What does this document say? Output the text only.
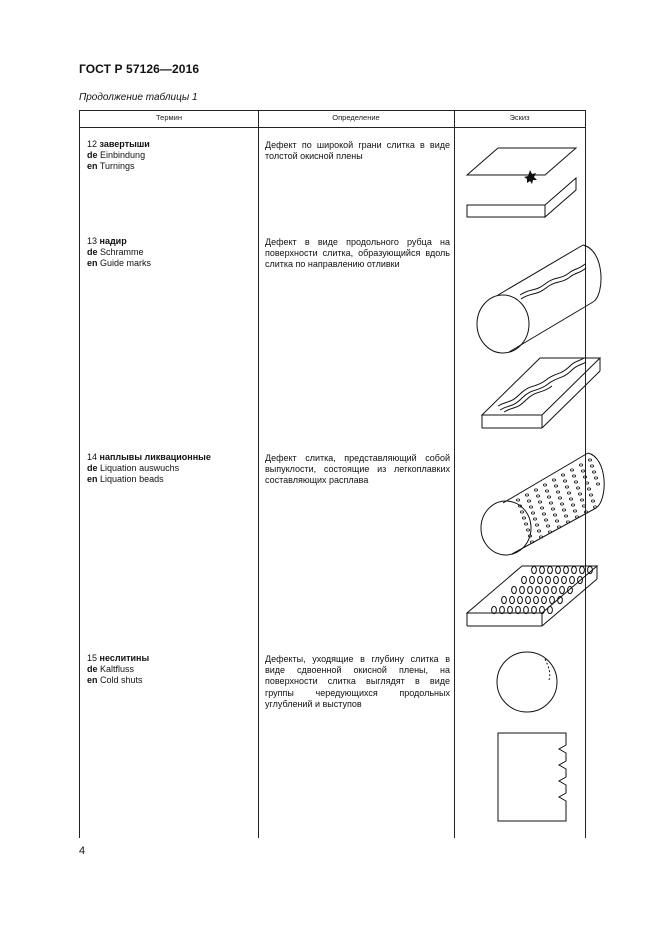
ГОСТ Р 57126—2016
Продолжение таблицы 1
Термин	Определение	Эскиз
12 завертыши
de Einbindung
en Turnings
Дефект по широкой грани слитка в виде толстой окисной плены
13 надир
de Schramme
en Guide marks
Дефект в виде продольного рубца на поверхности слитка, образующийся вдоль слитка по направлению отливки
14 наплывы ликвационные
de Liquation auswuchs
en Liquation beads
Дефект слитка, представляющий собой выпуклости, состоящие из легкоплавких составляющих расплава
15 неслитины
de Kaltfluss
en Cold shuts
Дефекты, уходящие в глубину слитка в виде сдвоенной окисной плены, на поверхности слитка выглядят в виде группы чередующихся продольных углублений и выступов
4
